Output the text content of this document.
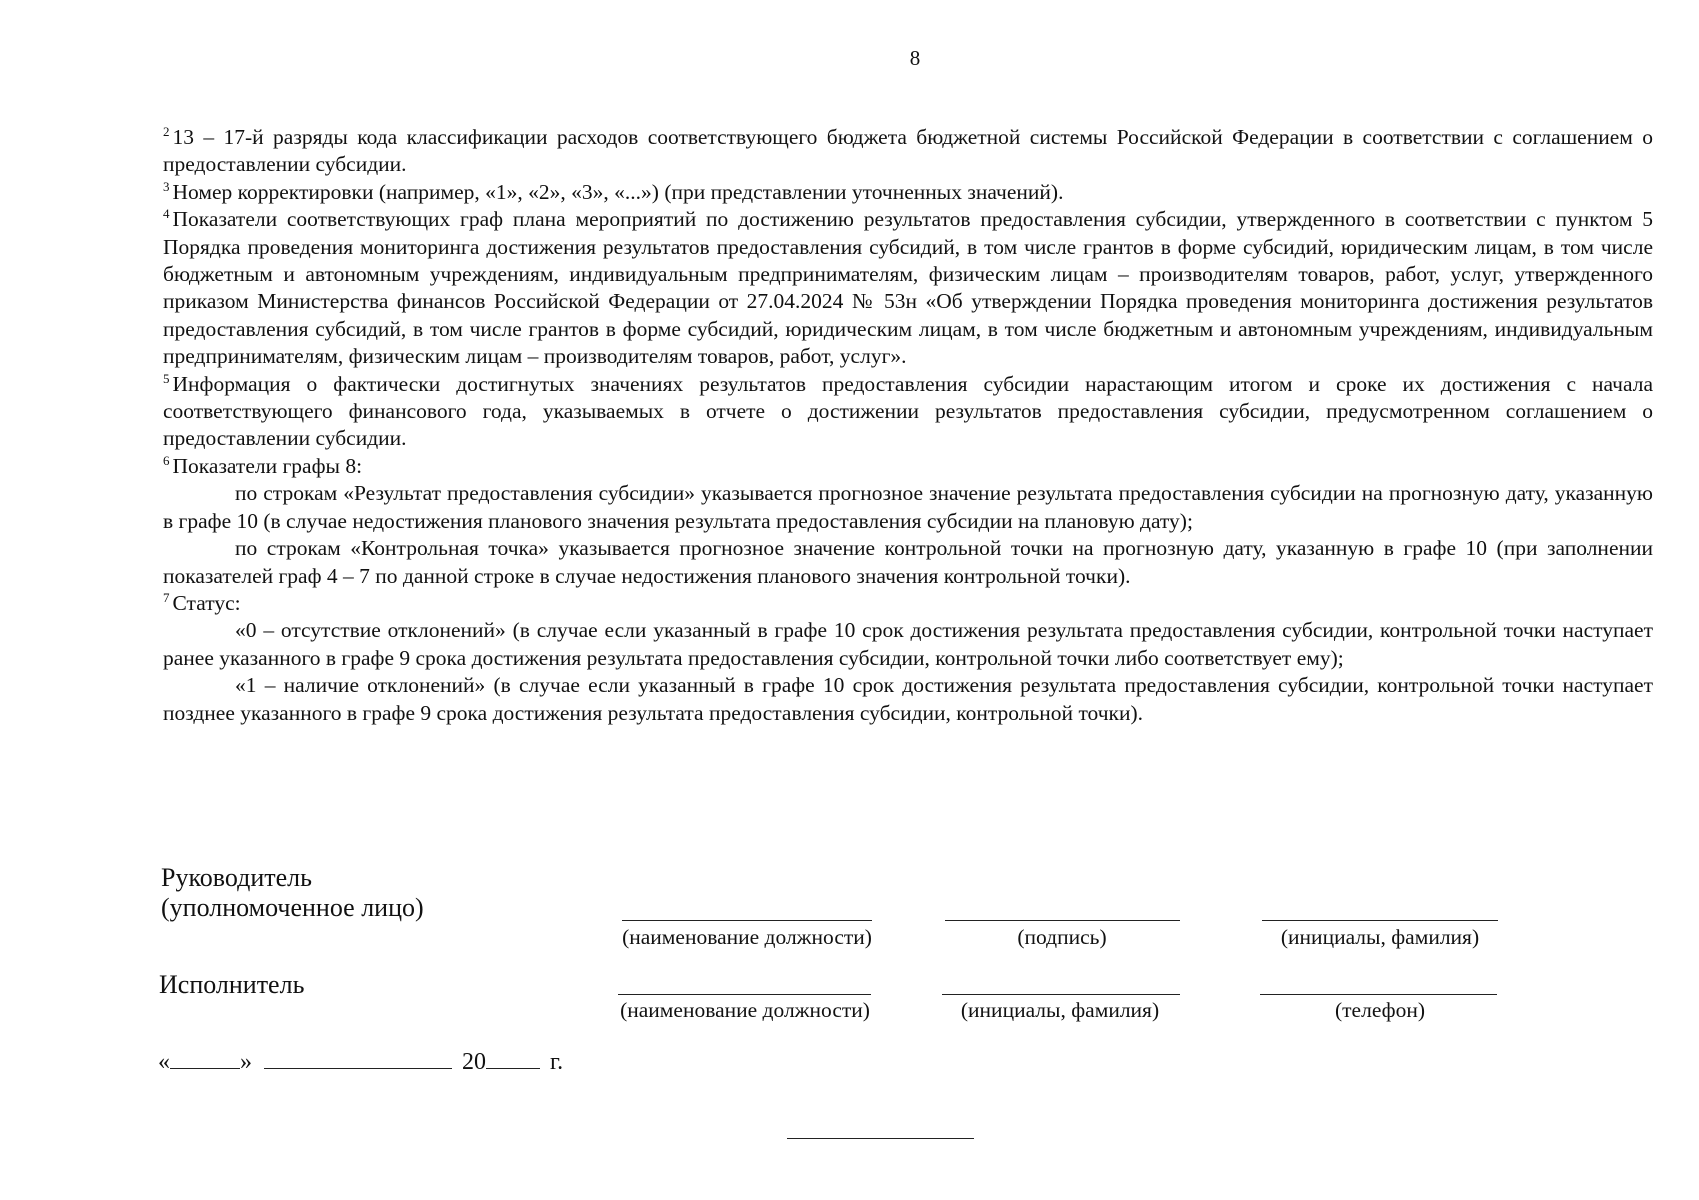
8

$^2$ 13 – 17-й разряды кода классификации расходов соответствующего бюджета бюджетной системы Российской Федерации в соответствии с соглашением о предоставлении субсидии.

$^3$ Номер корректировки (например, «1», «2», «3», «...») (при представлении уточненных значений).

$^4$ Показатели соответствующих граф плана мероприятий по достижению результатов предоставления субсидии, утвержденного в соответствии с пунктом 5 Порядка проведения мониторинга достижения результатов предоставления субсидий, в том числе грантов в форме субсидий, юридическим лицам, в том числе бюджетным и автономным учреждениям, индивидуальным предпринимателям, физическим лицам – производителям товаров, работ, услуг, утвержденного приказом Министерства финансов Российской Федерации от 27.04.2024 № 53н «Об утверждении Порядка проведения мониторинга достижения результатов предоставления субсидий, в том числе грантов в форме субсидий, юридическим лицам, в том числе бюджетным и автономным учреждениям, индивидуальным предпринимателям, физическим лицам – производителям товаров, работ, услуг».

$^5$ Информация о фактически достигнутых значениях результатов предоставления субсидии нарастающим итогом и сроке их достижения с начала соответствующего финансового года, указываемых в отчете о достижении результатов предоставления субсидии, предусмотренном соглашением о предоставлении субсидии.

$^6$ Показатели графы 8:

по строкам «Результат предоставления субсидии» указывается прогнозное значение результата предоставления субсидии на прогнозную дату, указанную в графе 10 (в случае недостижения планового значения результата предоставления субсидии на плановую дату);

по строкам «Контрольная точка» указывается прогнозное значение контрольной точки на прогнозную дату, указанную в графе 10 (при заполнении показателей граф 4 – 7 по данной строке в случае недостижения планового значения контрольной точки).

$^7$ Статус:

«0 – отсутствие отклонений» (в случае если указанный в графе 10 срок достижения результата предоставления субсидии, контрольной точки наступает ранее указанного в графе 9 срока достижения результата предоставления субсидии, контрольной точки либо соответствует ему);

«1 – наличие отклонений» (в случае если указанный в графе 10 срок достижения результата предоставления субсидии, контрольной точки наступает позднее указанного в графе 9 срока достижения результата предоставления субсидии, контрольной точки).

Руководитель
(уполномоченное лицо)
(наименование должности)	(подпись)	(инициалы, фамилия)
Исполнитель
(наименование должности)	(инициалы, фамилия)	(телефон)
«	»	20	г.
